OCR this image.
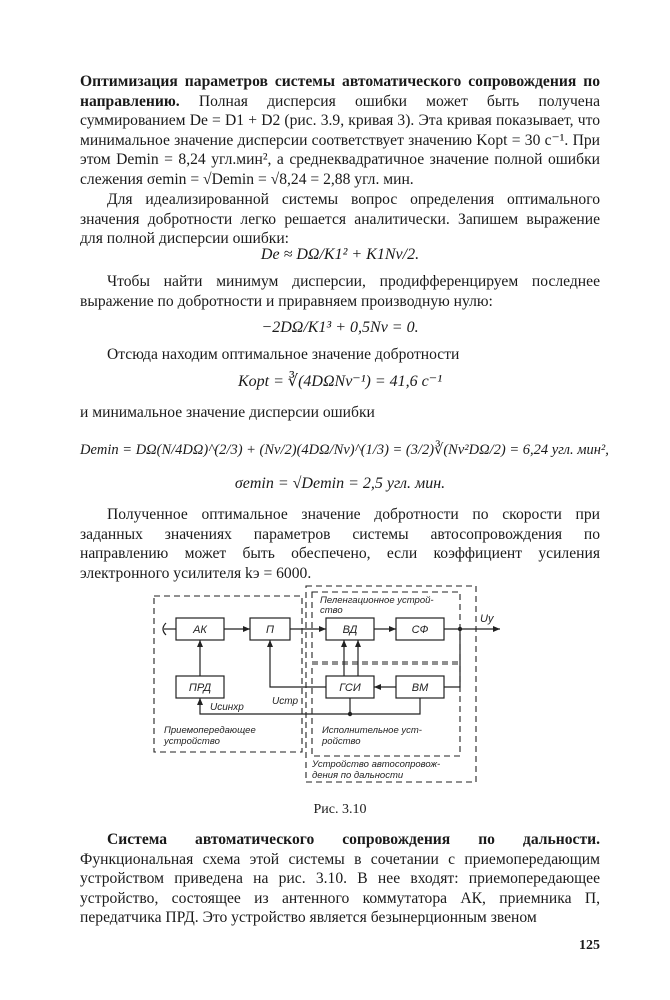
Оптимизация параметров системы автоматического сопровождения по направлению. Полная дисперсия ошибки может быть получена суммированием De = D1 + D2 (рис. 3.9, кривая 3). Эта кривая показывает, что минимальное значение дисперсии соответствует значению Kopt = 30 с⁻¹. При этом Demin = 8,24 угл.мин², а среднеквадратичное значение полной ошибки слежения σemin = √Demin = √8,24 = 2,88 угл. мин.

Для идеализированной системы вопрос определения оптимального значения добротности легко решается аналитически. Запишем выражение для полной дисперсии ошибки:

De ≈ DΩ/K1² + K1Nv/2.

Чтобы найти минимум дисперсии, продифференцируем последнее выражение по добротности и приравняем производную нулю:

−2DΩ/K1³ + 0,5Nv = 0.

Отсюда находим оптимальное значение добротности

Kopt = ∛(4DΩNv⁻¹) = 41,6 с⁻¹

и минимальное значение дисперсии ошибки

Demin = DΩ(N/4DΩ)^(2/3) + (Nv/2)(4DΩ/Nv)^(1/3) = (3/2)∛(Nv²DΩ/2) = 6,24 угл. мин²,

σemin = √Demin = 2,5 угл. мин.

Полученное оптимальное значение добротности по скорости при заданных значениях параметров системы автосопровождения по направлению может быть обеспечено, если коэффициент усиления электронного усилителя kэ = 6000.

АК	П	ВД	СФ
ПРД	ГСИ	ВМ
Uу
Uстр
Uсинхр
Пеленгационное устрой-
ство
Приемопередающее
устройство
Исполнительное уст-
ройство
Устройство автосопровож-
дения по дальности

Рис. 3.10

Система автоматического сопровождения по дальности. Функциональная схема этой системы в сочетании с приемопередающим устройством приведена на рис. 3.10. В нее входят: приемопередающее устройство, состоящее из антенного коммутатора АК, приемника П, передатчика ПРД. Это устройство является безынерционным звеном

125
